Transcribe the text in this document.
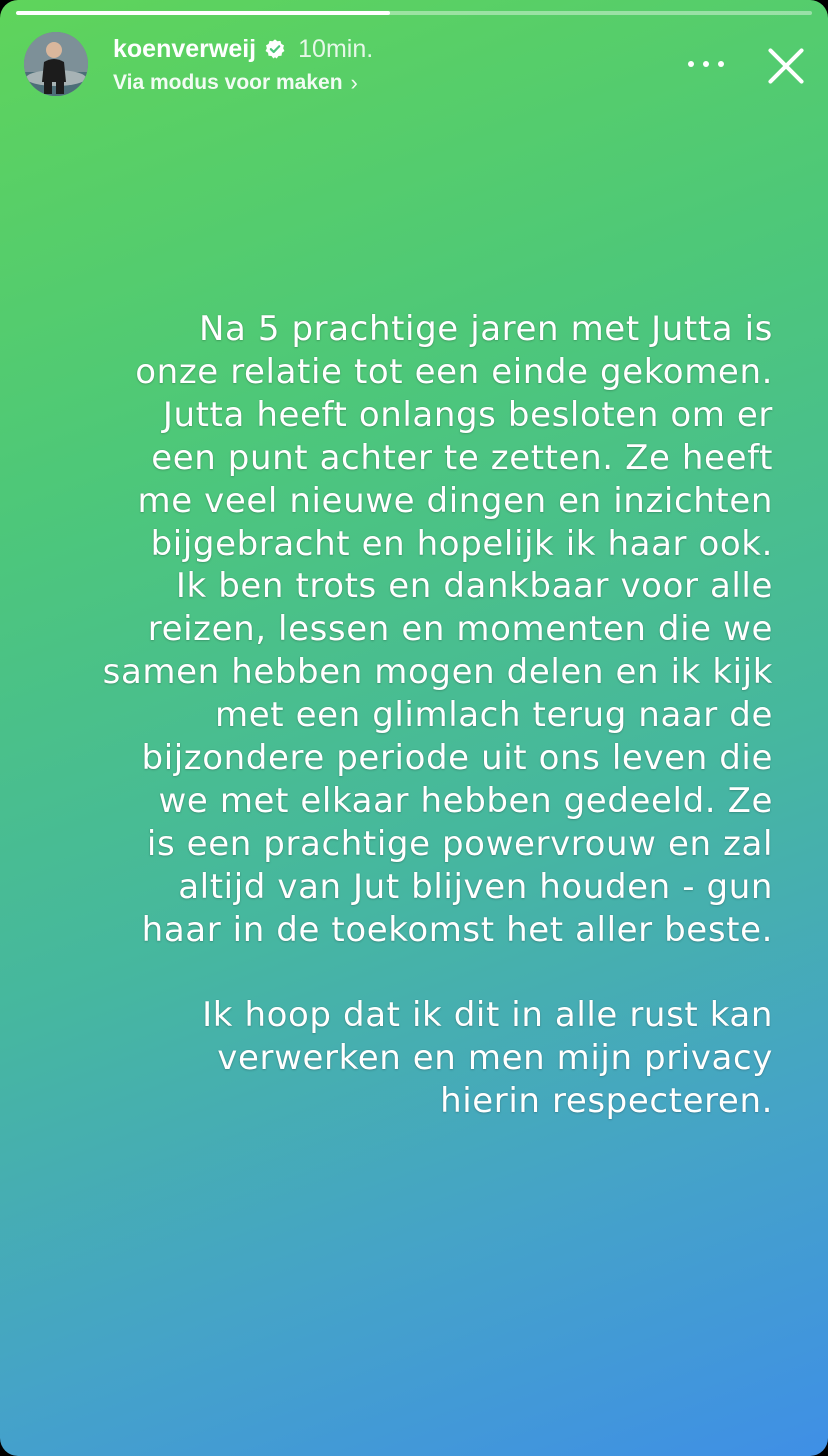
koenverweij 10min.
Via modus voor maken ›

Na 5 prachtige jaren met Jutta is
onze relatie tot een einde gekomen.
Jutta heeft onlangs besloten om er
een punt achter te zetten. Ze heeft
me veel nieuwe dingen en inzichten
bijgebracht en hopelijk ik haar ook.
Ik ben trots en dankbaar voor alle
reizen, lessen en momenten die we
samen hebben mogen delen en ik kijk
met een glimlach terug naar de
bijzondere periode uit ons leven die
we met elkaar hebben gedeeld. Ze
is een prachtige powervrouw en zal
altijd van Jut blijven houden - gun
haar in de toekomst het aller beste.

Ik hoop dat ik dit in alle rust kan
verwerken en men mijn privacy
hierin respecteren.
